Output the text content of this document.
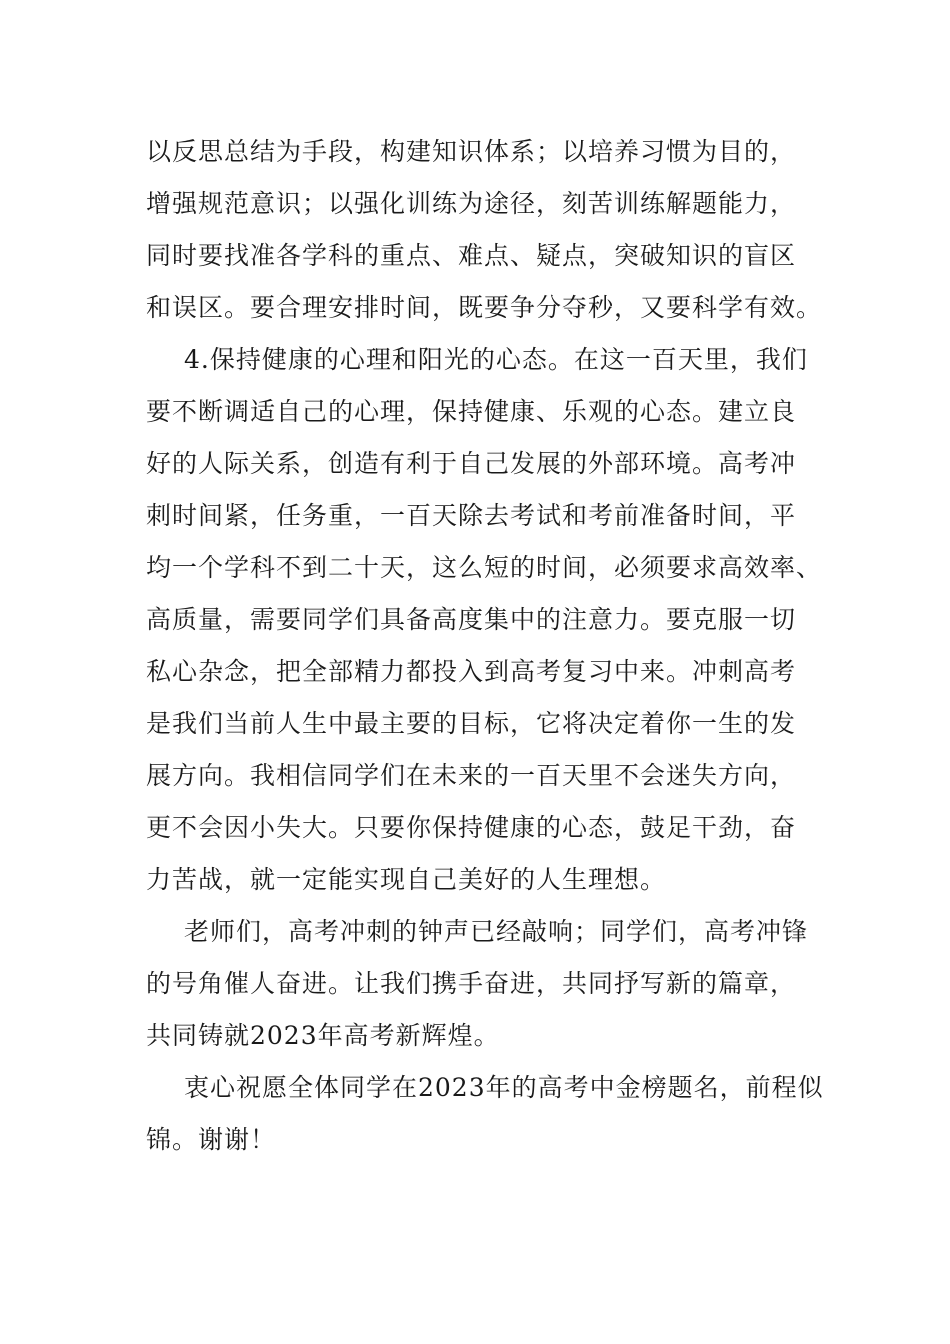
以反思总结为手段，构建知识体系；以培养习惯为目的，
增强规范意识；以强化训练为途径，刻苦训练解题能力，
同时要找准各学科的重点、难点、疑点，突破知识的盲区
和误区。要合理安排时间，既要争分夺秒，又要科学有效。
4.保持健康的心理和阳光的心态。在这一百天里，我们
要不断调适自己的心理，保持健康、乐观的心态。建立良
好的人际关系，创造有利于自己发展的外部环境。高考冲
刺时间紧，任务重，一百天除去考试和考前准备时间，平
均一个学科不到二十天，这么短的时间，必须要求高效率、
高质量，需要同学们具备高度集中的注意力。要克服一切
私心杂念，把全部精力都投入到高考复习中来。冲刺高考
是我们当前人生中最主要的目标，它将决定着你一生的发
展方向。我相信同学们在未来的一百天里不会迷失方向，
更不会因小失大。只要你保持健康的心态，鼓足干劲，奋
力苦战，就一定能实现自己美好的人生理想。
老师们，高考冲刺的钟声已经敲响；同学们，高考冲锋
的号角催人奋进。让我们携手奋进，共同抒写新的篇章，
共同铸就2023年高考新辉煌。
衷心祝愿全体同学在2023年的高考中金榜题名，前程似
锦。谢谢！
